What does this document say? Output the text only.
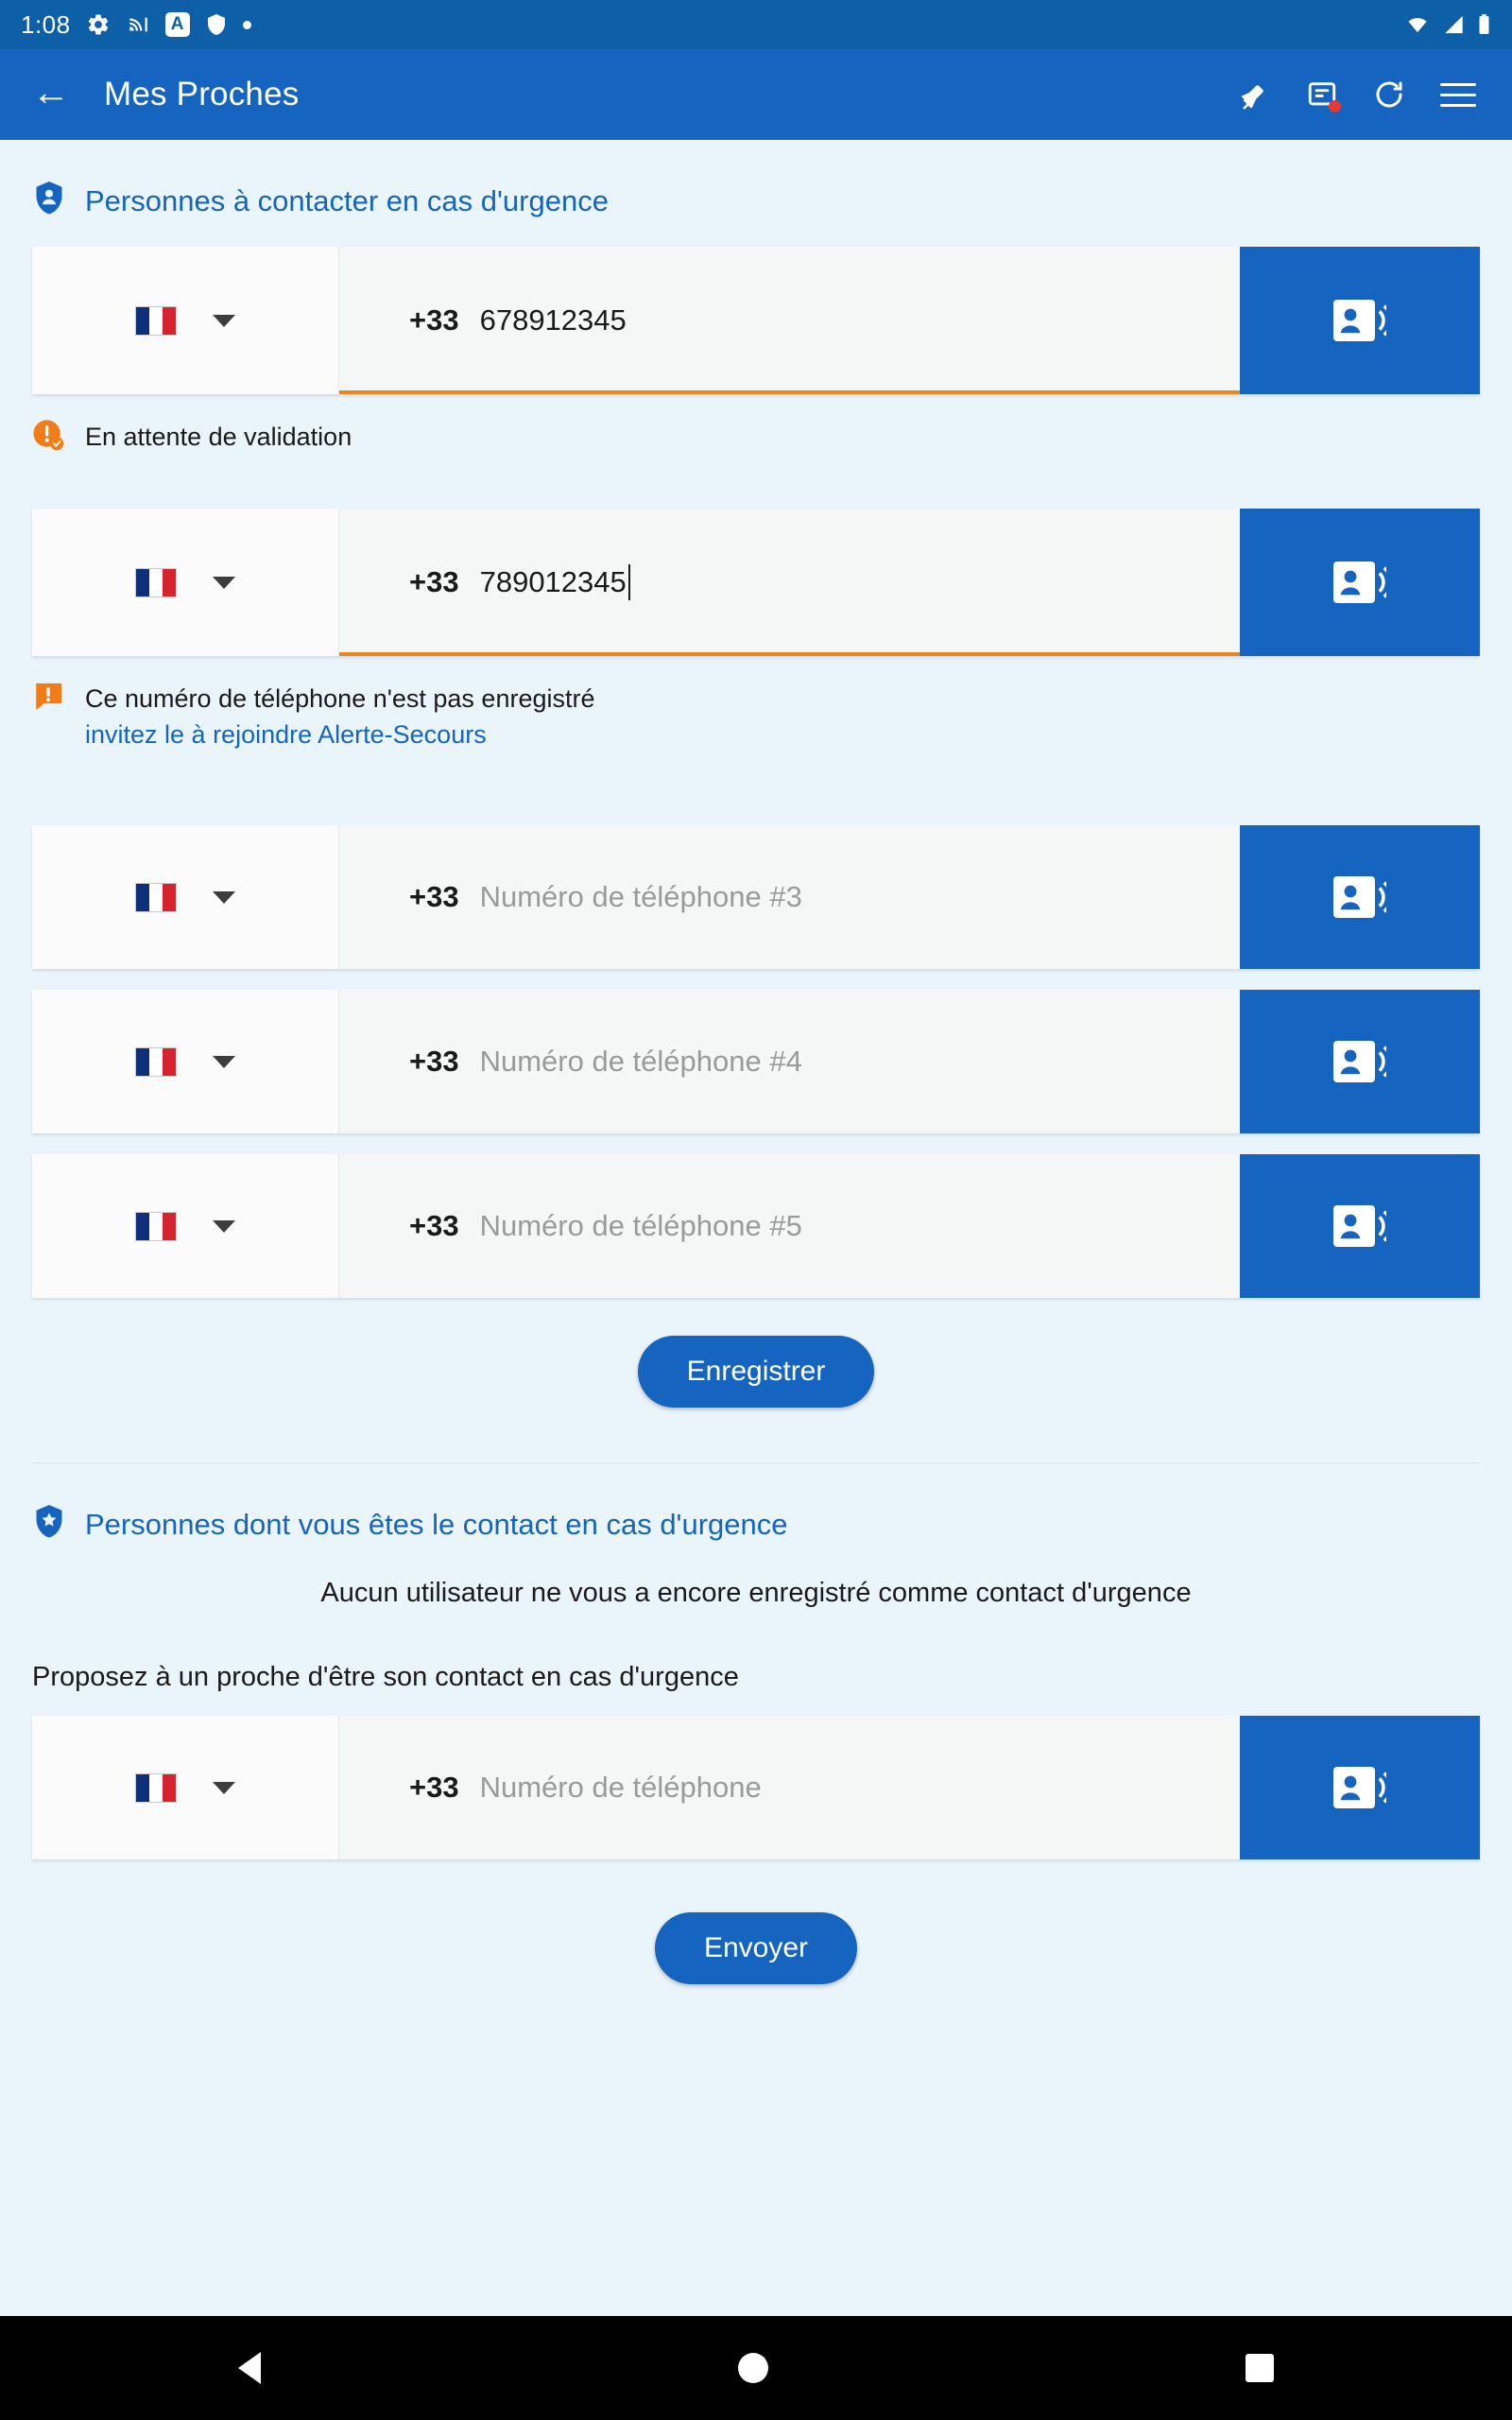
1:08	A
←	Mes Proches
Personnes à contacter en cas d'urgence
+33 678912345
En attente de validation
+33 789012345
Ce numéro de téléphone n'est pas enregistré
invitez le à rejoindre Alerte-Secours
+33 Numéro de téléphone #3
+33 Numéro de téléphone #4
+33 Numéro de téléphone #5
Enregistrer
Personnes dont vous êtes le contact en cas d'urgence
Aucun utilisateur ne vous a encore enregistré comme contact d'urgence
Proposez à un proche d'être son contact en cas d'urgence
+33 Numéro de téléphone
Envoyer
